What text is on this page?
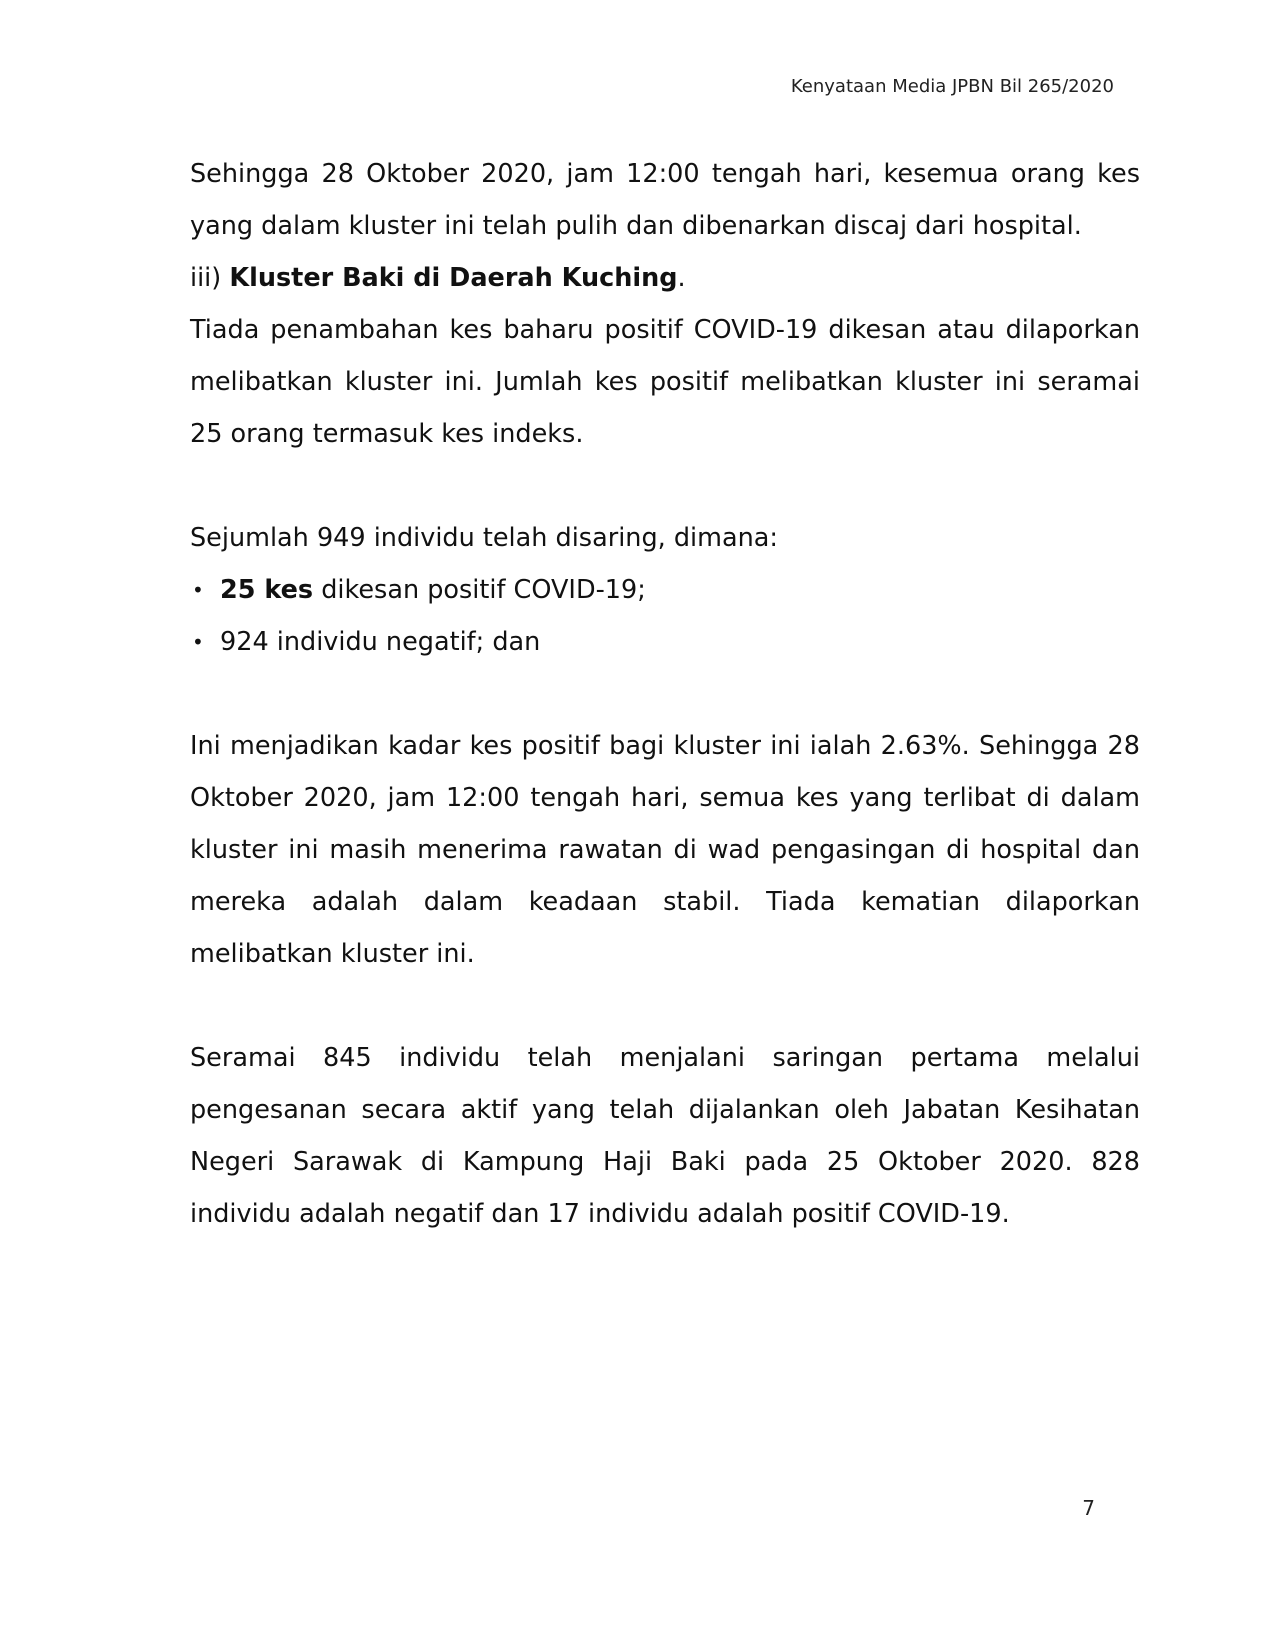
Kenyataan Media JPBN Bil 265/2020

Sehingga 28 Oktober 2020, jam 12:00 tengah hari, kesemua orang kes yang dalam kluster ini telah pulih dan dibenarkan discaj dari hospital.

iii) Kluster Baki di Daerah Kuching.

Tiada penambahan kes baharu positif COVID-19 dikesan atau dilaporkan melibatkan kluster ini. Jumlah kes positif melibatkan kluster ini seramai 25 orang termasuk kes indeks.

Sejumlah 949 individu telah disaring, dimana:

• 25 kes dikesan positif COVID-19;
• 924 individu negatif; dan

Ini menjadikan kadar kes positif bagi kluster ini ialah 2.63%. Sehingga 28 Oktober 2020, jam 12:00 tengah hari, semua kes yang terlibat di dalam kluster ini masih menerima rawatan di wad pengasingan di hospital dan mereka adalah dalam keadaan stabil. Tiada kematian dilaporkan melibatkan kluster ini.

Seramai 845 individu telah menjalani saringan pertama melalui pengesanan secara aktif yang telah dijalankan oleh Jabatan Kesihatan Negeri Sarawak di Kampung Haji Baki pada 25 Oktober 2020. 828 individu adalah negatif dan 17 individu adalah positif COVID-19.

7
